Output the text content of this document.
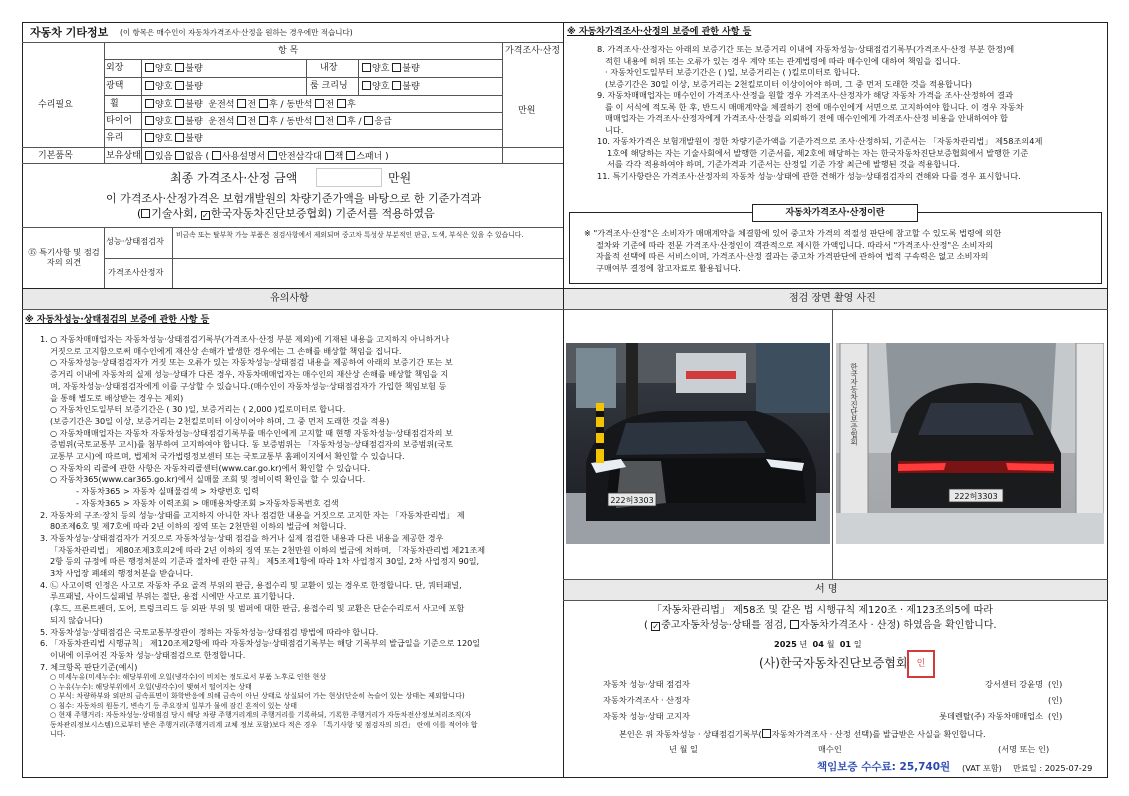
자동차 기타정보 (이 항목은 매수인이 자동차가격조사·산정을 원하는 경우에만 적습니다)
항 목	가격조사·산정
수리필요
기본품목
만원
외장	양호 불량	내장	양호 불량
광택	양호 불량	룸 크리닝	양호 불량
휠	양호 불량 운전석 전 후 / 동반석 전 후
타이어	양호 불량 운전석 전 후 / 동반석 전 후 / 응급
유리	양호 불량
보유상태	있음 없음 ( 사용설명서 안전삼각대 잭 스패너 )
최종 가격조사·산정 금액	만원
이 가격조사·산정가격은 보험개발원의 차량기준가액을 바탕으로 한 기준가격과
( 기술사회, ✓ 한국자동차진단보증협회) 기준서를 적용하였음
⑮ 특기사항 및 점검자의 의견
성능·상태점검자
비금속 또는 탈부착 가능 부품은 점검사항에서 제외되며 중고차 특성상 부분적인 판금, 도색, 부식은 있을 수 있습니다.
가격조사산정자
※ 자동차가격조사·산정의 보증에 관한 사항 등
8. 가격조사·산정자는 아래의 보증기간 또는 보증거리 이내에 자동차성능·상태점검기록부(가격조사·산정 부분 한정)에
적힌 내용에 허위 또는 오류가 있는 경우 계약 또는 관계법령에 따라 매수인에 대하여 책임을 집니다.
· 자동차인도일부터 보증기간은 ( )일, 보증거리는 ( )킬로미터로 합니다.
(보증기간은 30일 이상, 보증거리는 2천킬로미터 이상이어야 하며, 그 중 먼저 도래한 것을 적용합니다)
9. 자동차매매업자는 매수인이 가격조사·산정을 원할 경우 가격조사·산정자가 해당 자동차 가격을 조사·산정하여 결과
를 이 서식에 적도록 한 후, 반드시 매매계약을 체결하기 전에 매수인에게 서면으로 고지하여야 합니다. 이 경우 자동차
매매업자는 가격조사·산정자에게 가격조사·산정을 의뢰하기 전에 매수인에게 가격조사·산정 비용을 안내하여야 합
니다.
10. 자동차가격은 보험개발원이 정한 차량기준가액을 기준가격으로 조사·산정하되, 기준서는 「자동차관리법」 제58조의4제
1호에 해당하는 자는 기술사회에서 발행한 기준서를, 제2호에 해당하는 자는 한국자동차진단보증협회에서 발행한 기준
서를 각각 적용하여야 하며, 기준가격과 기준서는 산정일 기준 가장 최근에 발행된 것을 적용합니다.
11. 특기사항란은 가격조사·산정자의 자동차 성능·상태에 관한 견해가 성능·상태점검자의 견해와 다를 경우 표시합니다.
자동차가격조사·산정이란
※ "가격조사·산정"은 소비자가 매매계약을 체결함에 있어 중고차 가격의 적절성 판단에 참고할 수 있도록 법령에 의한
절차와 기준에 따라 전문 가격조사·산정인이 객관적으로 제시한 가액입니다. 따라서 "가격조사·산정"은 소비자의
자율적 선택에 따른 서비스이며, 가격조사·산정 결과는 중고차 가격판단에 관하여 법적 구속력은 없고 소비자의
구매여부 결정에 참고자료로 활용됩니다.
유의사항
※ 자동차성능·상태점검의 보증에 관한 사항 등
1. ○ 자동차매매업자는 자동차성능·상태점검기록부(가격조사·산정 부분 제외)에 기재된 내용을 고지하지 아니하거나
거짓으로 고지함으로써 매수인에게 재산상 손해가 발생한 경우에는 그 손해를 배상할 책임을 집니다.
○ 자동차성능·상태점검자가 거짓 또는 오류가 있는 자동차성능·상태점검 내용을 제공하여 아래의 보증기간 또는 보
증거리 이내에 자동차의 실제 성능·상태가 다른 경우, 자동차매매업자는 매수인의 재산상 손해를 배상할 책임을 지
며, 자동차성능·상태점검자에게 이를 구상할 수 있습니다.(매수인이 자동차성능·상태점검자가 가입한 책임보험 등
을 통해 별도로 배상받는 경우는 제외)
○ 자동차인도일부터 보증기간은 ( 30 )일, 보증거리는 ( 2,000 )킬로미터로 합니다.
(보증기간은 30일 이상, 보증거리는 2천킬로미터 이상이어야 하며, 그 중 먼저 도래한 것을 적용)
○ 자동차매매업자는 자동차 자동차성능·상태점검기록부를 매수인에게 고지할 때 현행 자동차성능·상태점검자의 보
증범위(국토교통부 고시)를 첨부하여 고지하여야 합니다. 동 보증범위는 「자동차성능·상태점검자의 보증범위(국토
교통부 고시)에 따르며, 법제처 국가법령정보센터 또는 국토교통부 홈페이지에서 확인할 수 있습니다.
○ 자동차의 리콜에 관한 사항은 자동차리콜센터(www.car.go.kr)에서 확인할 수 있습니다.
○ 자동차365(www.car365.go.kr)에서 실매물 조회 및 정비이력 확인을 할 수 있습니다.
- 자동차365 > 자동차 실매물검색 > 차량번호 입력
- 자동차365 > 자동차 이력조회 > 매매용차량조회 >자동차등록번호 검색
2. 자동차의 구조·장치 등의 성능·상태를 고지하지 아니한 자나 점검한 내용을 거짓으로 고지한 자는 「자동차관리법」 제
80조제6호 및 제7호에 따라 2년 이하의 징역 또는 2천만원 이하의 벌금에 처합니다.
3. 자동차성능·상태점검자가 거짓으로 자동차성능·상태 점검을 하거나 실제 점검한 내용과 다른 내용을 제공한 경우
「자동차관리법」 제80조제3호의2에 따라 2년 이하의 징역 또는 2천만원 이하의 벌금에 처하며, 「자동차관리법 제21조제
2항 등의 규정에 따른 행정처분의 기준과 절차에 관한 규칙」 제5조제1항에 따라 1차 사업정지 30일, 2차 사업정지 90일,
3차 사업장 폐쇄의 행정처분을 받습니다.
4. ㉡ 사고이력 인정은 사고로 자동차 주요 골격 부위의 판금, 용접수리 및 교환이 있는 경우로 한정합니다. 단, 쿼터패널,
루프패널, 사이드실패널 부위는 절단, 용접 시에만 사고로 표기합니다.
(후드, 프론트펜더, 도어, 트렁크리드 등 외판 부위 및 범퍼에 대한 판금, 용접수리 및 교환은 단순수리로서 사고에 포함
되지 않습니다)
5. 자동차성능·상태점검은 국토교통부장관이 정하는 자동차성능·상태점검 방법에 따라야 합니다.
6. 「자동차관리법 시행규칙」 제120조제2항에 따라 자동차성능·상태점검기록부는 해당 기록부의 발급일을 기준으로 120일
이내에 이루어진 자동차 성능·상태점검으로 한정합니다.
7. 체크항목 판단기준(예시)
○ 미세누유(미세누수): 해당부위에 오일(냉각수)이 비치는 정도로서 부품 노후로 인한 현상
○ 누유(누수): 해당부위에서 오일(냉각수)이 맺혀서 떨어지는 상태
○ 부식: 차량하부와 외판의 금속표면이 화학반응에 의해 금속이 아닌 상태로 상실되어 가는 현상(단순히 녹슬어 있는 상태는 제외합니다)
○ 침수: 자동차의 원동기, 변속기 등 주요장치 일부가 물에 잠긴 흔적이 있는 상태
○ 현재 주행거리: 자동차성능·상태점검 당시 해당 차량 주행거리계의 주행거리를 기록하되, 기록한 주행거리가 자동차전산정보처리조직(자
동차관리정보시스템)으로부터 받은 주행거리(주행거리계 교체 정보 포함)보다 적은 경우 「특기사항 및 점검자의 의견」 란에 이를 적어야 합
니다.
점검 장면 촬영 사진
222허3303
한국자동차진단보증협회
222허3303
서 명
「자동차관리법」 제58조 및 같은 법 시행규칙 제120조 · 제123조의5에 따라
( ✓ 중고자동차성능·상태를 점검, 자동차가격조사 · 산정) 하였음을 확인합니다.
2025 년 04 월 01 일
(사)한국자동차진단보증협회	인
자동차 성능·상태 점검자	강서센터 강윤명 (인)
자동차가격조사 · 산정자	(인)
자동차 성능·상태 고지자	롯데렌탈(주) 자동차매매업소 (인)
본인은 위 자동차성능 · 상태점검기록부( 자동차가격조사 · 산정 선택)를 발급받은 사실을 확인합니다.
년 월 일	매수인	(서명 또는 인)
책임보증 수수료: 25,740원 (VAT 포함) 만료일 : 2025-07-29
